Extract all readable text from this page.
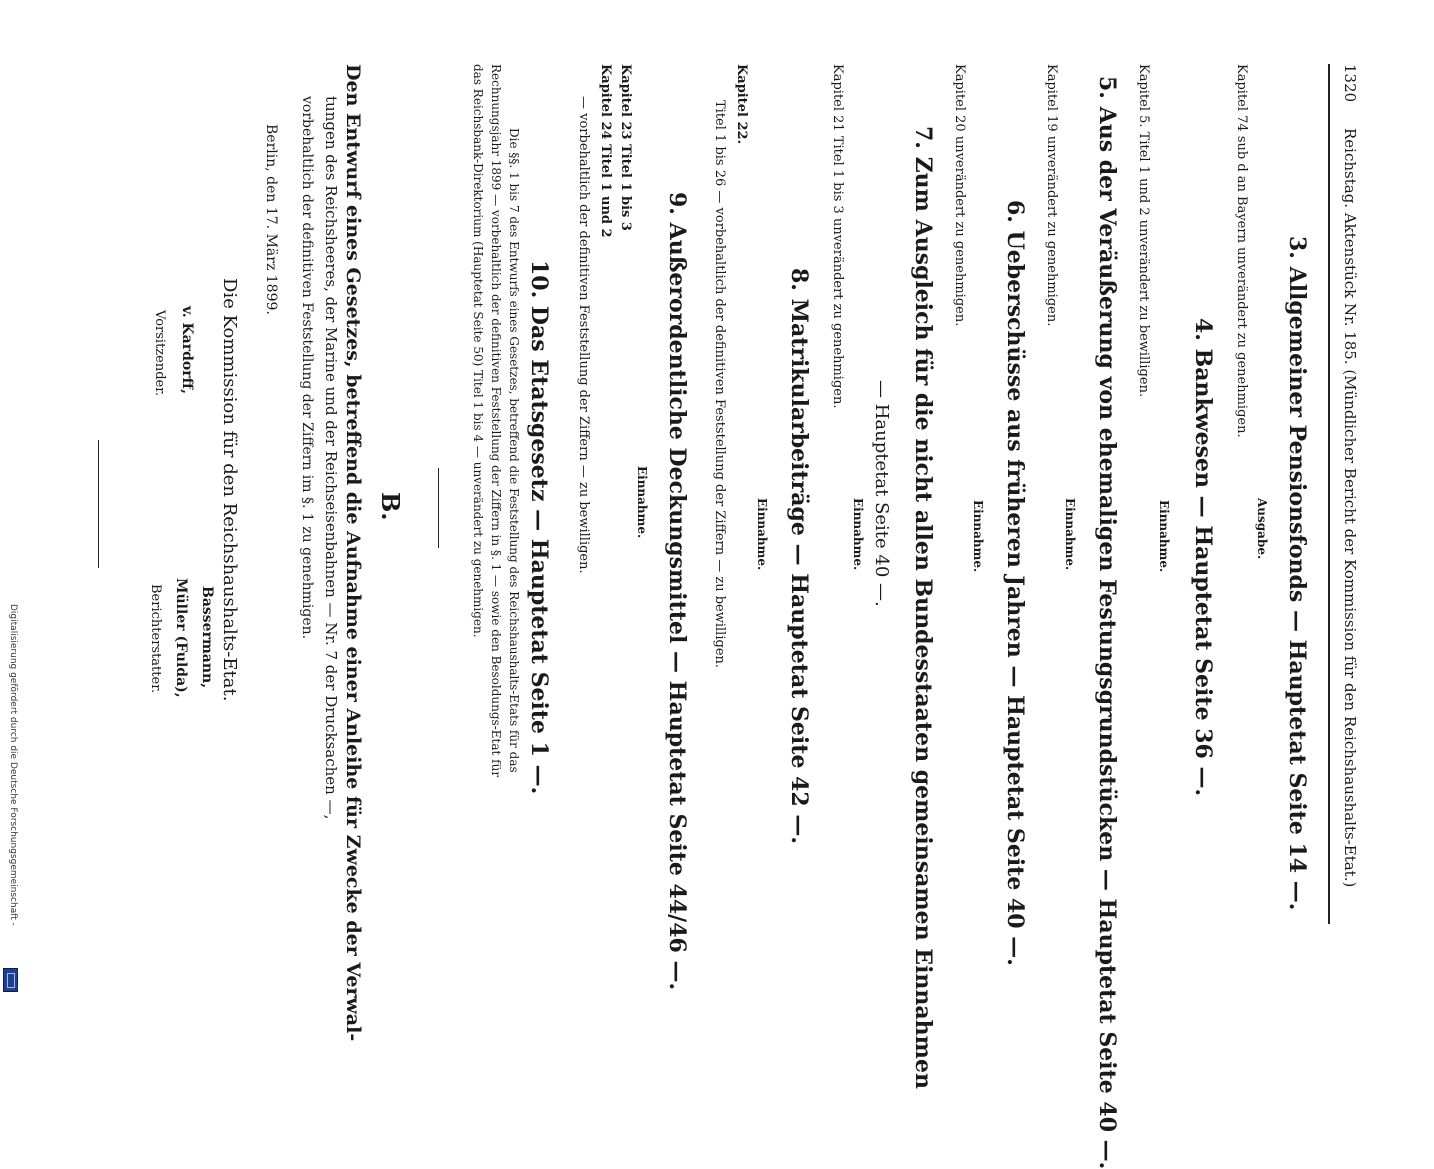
1320
Reichstag. Aktenstück Nr. 185. (Mündlicher Bericht der Kommission für den Reichshaushalts-Etat.)
3. Allgemeiner Pensionsfonds — Hauptetat Seite 14 —.
Ausgabe.
Kapitel 74 sub d an Bayern unverändert zu genehmigen.
4. Bankwesen — Hauptetat Seite 36 —.
Einnahme.
Kapitel 5. Titel 1 und 2 unverändert zu bewilligen.
5. Aus der Veräußerung von ehemaligen Festungsgrundstücken — Hauptetat Seite 40 —.
Einnahme.
Kapitel 19 unverändert zu genehmigen.
6. Ueberschüsse aus früheren Jahren — Hauptetat Seite 40 —.
Einnahme.
Kapitel 20 unverändert zu genehmigen.
7. Zum Ausgleich für die nicht allen Bundesstaaten gemeinsamen Einnahmen
— Hauptetat Seite 40 —.
Einnahme.
Kapitel 21 Titel 1 bis 3 unverändert zu genehmigen.
8. Matrikularbeiträge — Hauptetat Seite 42 —.
Einnahme.
Kapitel 22.
Titel 1 bis 26 — vorbehaltlich der definitiven Feststellung der Ziffern — zu bewilligen.
9. Außerordentliche Deckungsmittel — Hauptetat Seite 44/46 —.
Einnahme.
Kapitel 23 Titel 1 bis 3
Kapitel 24 Titel 1 und 2
— vorbehaltlich der definitiven Feststellung der Ziffern — zu bewilligen.
10. Das Etatsgesetz — Hauptetat Seite 1 —.
Die §§. 1 bis 7 des Entwurfs eines Gesetzes, betreffend die Feststellung des Reichshaushalts-Etats für das
Rechnungsjahr 1899 — vorbehaltlich der definitiven Feststellung der Ziffern in §. 1 — sowie den Besoldungs-Etat für
das Reichsbank-Direktorium (Hauptetat Seite 50) Titel 1 bis 4 — unverändert zu genehmigen.
B.
Den Entwurf eines Gesetzes, betreffend die Aufnahme einer Anleihe für Zwecke der Verwal-
tungen des Reichsheeres, der Marine und der Reichseisenbahnen — Nr. 7 der Drucksachen —,
vorbehaltlich der definitiven Feststellung der Ziffern im §. 1 zu genehmigen.
Berlin, den 17. März 1899.
Die Kommission für den Reichshaushalts-Etat.
v. Kardorff,
Vorsitzender.
Bassermann,
Müller (Fulda),
Berichterstatter.
Digitalisierung gefördert durch die Deutsche Forschungsgemeinschaft -
